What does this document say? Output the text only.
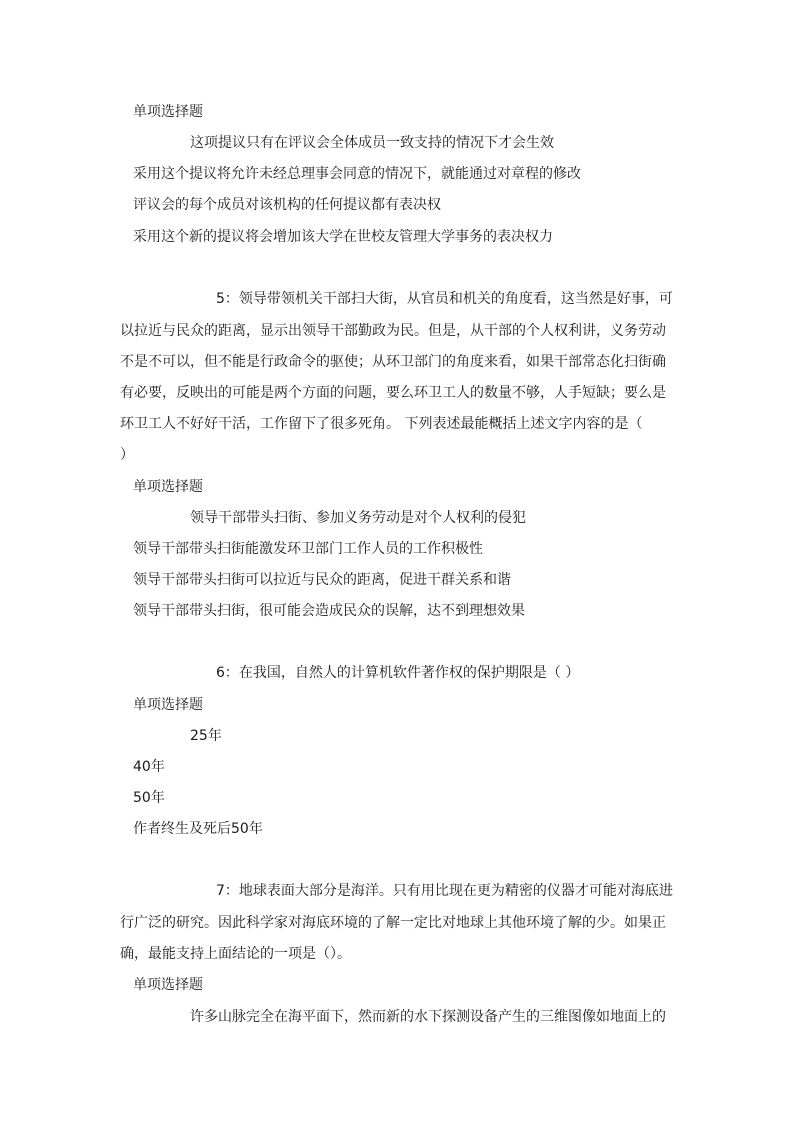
单项选择题
这项提议只有在评议会全体成员一致支持的情况下才会生效
采用这个提议将允许未经总理事会同意的情况下，就能通过对章程的修改
评议会的每个成员对该机构的任何提议都有表决权
采用这个新的提议将会增加该大学在世校友管理大学事务的表决权力
5：领导带领机关干部扫大街，从官员和机关的角度看，这当然是好事，可
以拉近与民众的距离，显示出领导干部勤政为民。但是，从干部的个人权利讲，义务劳动
不是不可以，但不能是行政命令的驱使；从环卫部门的角度来看，如果干部常态化扫街确
有必要，反映出的可能是两个方面的问题，要么环卫工人的数量不够，人手短缺；要么是
环卫工人不好好干活，工作留下了很多死角。 下列表述最能概括上述文字内容的是（
）
单项选择题
领导干部带头扫街、参加义务劳动是对个人权利的侵犯
领导干部带头扫街能激发环卫部门工作人员的工作积极性
领导干部带头扫街可以拉近与民众的距离，促进干群关系和谐
领导干部带头扫街，很可能会造成民众的误解，达不到理想效果
6：在我国，自然人的计算机软件著作权的保护期限是（ ）
单项选择题
25年
40年
50年
作者终生及死后50年
7：地球表面大部分是海洋。只有用比现在更为精密的仪器才可能对海底进
行广泛的研究。因此科学家对海底环境的了解一定比对地球上其他环境了解的少。如果正
确，最能支持上面结论的一项是（）。
单项选择题
许多山脉完全在海平面下，然而新的水下探测设备产生的三维图像如地面上的
